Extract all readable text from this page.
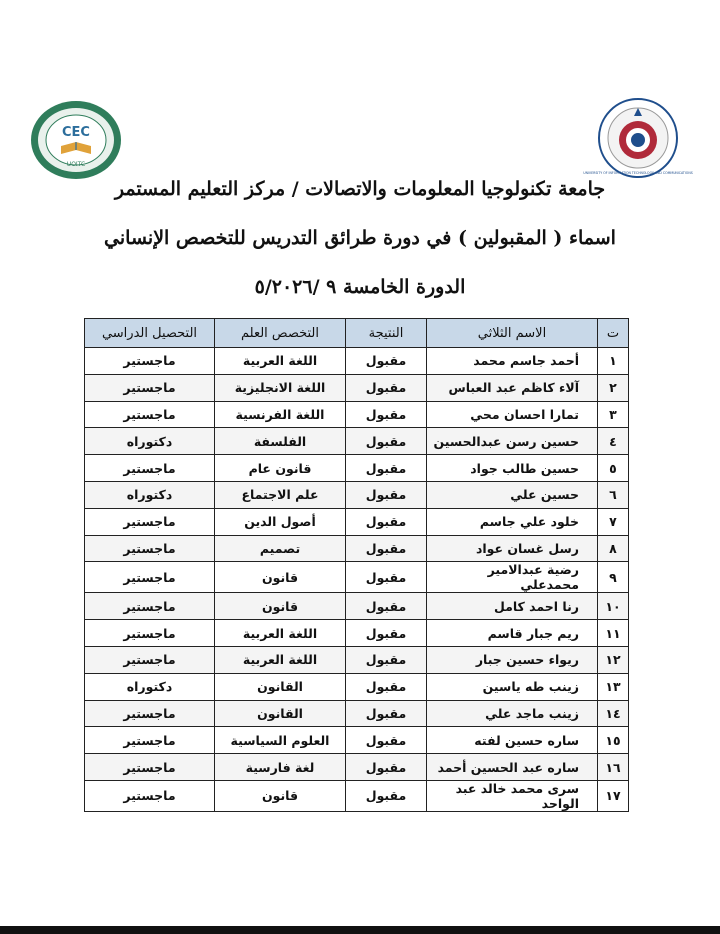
CEC
UOITC
UNIVERSITY OF INFORMATION TECHNOLOGY AND COMMUNICATIONS
جامعة تكنولوجيا المعلومات والاتصالات / مركز التعليم المستمر
اسماء ( المقبولين ) في دورة طرائق التدريس للتخصص الإنساني
الدورة الخامسة ٩ /٥/٢٠٢٦
ت	الاسم الثلاثي	النتيجة	التخصص العلم	التحصيل الدراسي
١	أحمد جاسم محمد	مقبول	اللغة العربية	ماجستير
٢	آلاء كاظم عبد العباس	مقبول	اللغة الانجليزية	ماجستير
٣	تمارا احسان محي	مقبول	اللغة الفرنسية	ماجستير
٤	حسين رسن عبدالحسين	مقبول	الفلسفة	دكتوراه
٥	حسين طالب جواد	مقبول	قانون عام	ماجستير
٦	حسين علي	مقبول	علم الاجتماع	دكتوراه
٧	خلود علي جاسم	مقبول	أصول الدين	ماجستير
٨	رسل غسان عواد	مقبول	تصميم	ماجستير
٩	رضية عبدالامير محمدعلي	مقبول	قانون	ماجستير
١٠	رنا احمد كامل	مقبول	قانون	ماجستير
١١	ريم جبار قاسم	مقبول	اللغة العربية	ماجستير
١٢	ريواء حسين جبار	مقبول	اللغة العربية	ماجستير
١٣	زينب طه ياسين	مقبول	القانون	دكتوراه
١٤	زينب ماجد علي	مقبول	القانون	ماجستير
١٥	ساره حسين لفته	مقبول	العلوم السياسية	ماجستير
١٦	ساره عبد الحسين أحمد	مقبول	لغة فارسية	ماجستير
١٧	سرى محمد خالد عبد الواحد	مقبول	قانون	ماجستير
